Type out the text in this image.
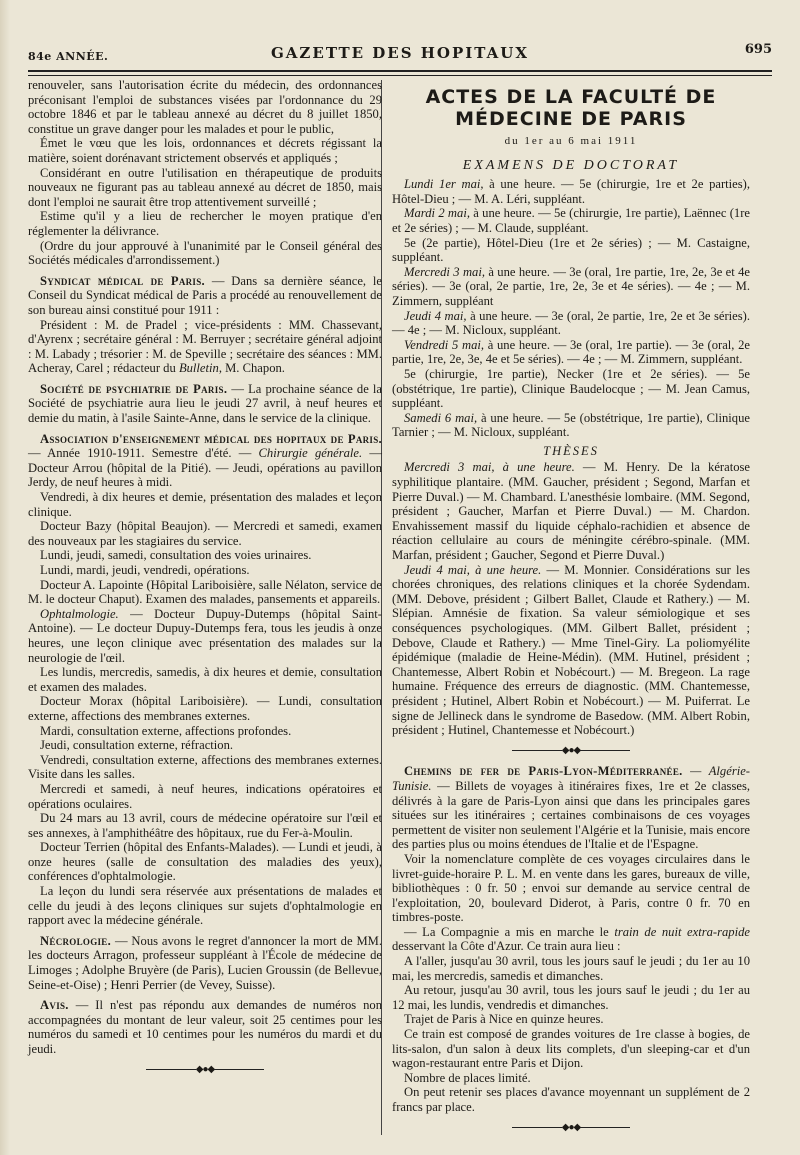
84e ANNÉE.	GAZETTE DES HOPITAUX	695

renouveler, sans l'autorisation écrite du médecin, des ordonnances préconisant l'emploi de substances visées par l'ordonnance du 29 octobre 1846 et par le tableau annexé au décret du 8 juillet 1850, constitue un grave danger pour les malades et pour le public,

Émet le vœu que les lois, ordonnances et décrets régissant la matière, soient dorénavant strictement observés et appliqués ;

Considérant en outre l'utilisation en thérapeutique de produits nouveaux ne figurant pas au tableau annexé au décret de 1850, mais dont l'emploi ne saurait être trop attentivement surveillé ;

Estime qu'il y a lieu de rechercher le moyen pratique d'en réglementer la délivrance.

(Ordre du jour approuvé à l'unanimité par le Conseil général des Sociétés médicales d'arrondissement.)

Syndicat médical de Paris. — Dans sa dernière séance, le Conseil du Syndicat médical de Paris a procédé au renouvellement de son bureau ainsi constitué pour 1911 :

Président : M. de Pradel ; vice-présidents : MM. Chassevant, d'Ayrenx ; secrétaire général : M. Berruyer ; secrétaire général adjoint : M. Labady ; trésorier : M. de Speville ; secrétaire des séances : MM. Acheray, Carel ; rédacteur du Bulletin, M. Chapon.

Société de psychiatrie de Paris. — La prochaine séance de la Société de psychiatrie aura lieu le jeudi 27 avril, à neuf heures et demie du matin, à l'asile Sainte-Anne, dans le service de la clinique.

Association d'enseignement médical des hopitaux de Paris. — Année 1910-1911. Semestre d'été. — Chirurgie générale. — Docteur Arrou (hôpital de la Pitié). — Jeudi, opérations au pavillon Jerdy, de neuf heures à midi.

Vendredi, à dix heures et demie, présentation des malades et leçon clinique.

Docteur Bazy (hôpital Beaujon). — Mercredi et samedi, examen des nouveaux par les stagiaires du service.

Lundi, jeudi, samedi, consultation des voies urinaires.

Lundi, mardi, jeudi, vendredi, opérations.

Docteur A. Lapointe (Hôpital Lariboisière, salle Nélaton, service de M. le docteur Chaput). Examen des malades, pansements et appareils.

Ophtalmologie. — Docteur Dupuy-Dutemps (hôpital Saint-Antoine). — Le docteur Dupuy-Dutemps fera, tous les jeudis à onze heures, une leçon clinique avec présentation des malades sur la neurologie de l'œil.

Les lundis, mercredis, samedis, à dix heures et demie, consultation et examen des malades.

Docteur Morax (hôpital Lariboisière). — Lundi, consultation externe, affections des membranes externes.

Mardi, consultation externe, affections profondes.

Jeudi, consultation externe, réfraction.

Vendredi, consultation externe, affections des membranes externes. Visite dans les salles.

Mercredi et samedi, à neuf heures, indications opératoires et opérations oculaires.

Du 24 mars au 13 avril, cours de médecine opératoire sur l'œil et ses annexes, à l'amphithéâtre des hôpitaux, rue du Fer-à-Moulin.

Docteur Terrien (hôpital des Enfants-Malades). — Lundi et jeudi, à onze heures (salle de consultation des maladies des yeux), conférences d'ophtalmologie.

La leçon du lundi sera réservée aux présentations de malades et celle du jeudi à des leçons cliniques sur sujets d'ophtalmologie en rapport avec la médecine générale.

Nécrologie. — Nous avons le regret d'annoncer la mort de MM. les docteurs Arragon, professeur suppléant à l'École de médecine de Limoges ; Adolphe Bruyère (de Paris), Lucien Groussin (de Bellevue, Seine-et-Oise) ; Henri Perrier (de Vevey, Suisse).

Avis. — Il n'est pas répondu aux demandes de numéros non accompagnées du montant de leur valeur, soit 25 centimes pour les numéros du samedi et 10 centimes pour les numéros du mardi et du jeudi.

◆●◆
ACTES DE LA FACULTÉ DE MÉDECINE DE PARIS
du 1er au 6 mai 1911
EXAMENS DE DOCTORAT

Lundi 1er mai, à une heure. — 5e (chirurgie, 1re et 2e parties), Hôtel-Dieu ; — M. A. Léri, suppléant.

Mardi 2 mai, à une heure. — 5e (chirurgie, 1re partie), Laënnec (1re et 2e séries) ; — M. Claude, suppléant.

5e (2e partie), Hôtel-Dieu (1re et 2e séries) ; — M. Castaigne, suppléant.

Mercredi 3 mai, à une heure. — 3e (oral, 1re partie, 1re, 2e, 3e et 4e séries). — 3e (oral, 2e partie, 1re, 2e, 3e et 4e séries). — 4e ; — M. Zimmern, suppléant

Jeudi 4 mai, à une heure. — 3e (oral, 2e partie, 1re, 2e et 3e séries). — 4e ; — M. Nicloux, suppléant.

Vendredi 5 mai, à une heure. — 3e (oral, 1re partie). — 3e (oral, 2e partie, 1re, 2e, 3e, 4e et 5e séries). — 4e ; — M. Zimmern, suppléant.

5e (chirurgie, 1re partie), Necker (1re et 2e séries). — 5e (obstétrique, 1re partie), Clinique Baudelocque ; — M. Jean Camus, suppléant.

Samedi 6 mai, à une heure. — 5e (obstétrique, 1re partie), Clinique Tarnier ; — M. Nicloux, suppléant.

THÈSES

Mercredi 3 mai, à une heure. — M. Henry. De la kératose syphilitique plantaire. (MM. Gaucher, président ; Segond, Marfan et Pierre Duval.) — M. Chambard. L'anesthésie lombaire. (MM. Segond, président ; Gaucher, Marfan et Pierre Duval.) — M. Chardon. Envahissement massif du liquide céphalo-rachidien et absence de réaction cellulaire au cours de méningite cérébro-spinale. (MM. Marfan, président ; Gaucher, Segond et Pierre Duval.)

Jeudi 4 mai, à une heure. — M. Monnier. Considérations sur les chorées chroniques, des relations cliniques et la chorée Sydendam. (MM. Debove, président ; Gilbert Ballet, Claude et Rathery.) — M. Slépian. Amnésie de fixation. Sa valeur sémiologique et ses conséquences psychologiques. (MM. Gilbert Ballet, président ; Debove, Claude et Rathery.) — Mme Tinel-Giry. La poliomyélite épidémique (maladie de Heine-Médin). (MM. Hutinel, président ; Chantemesse, Albert Robin et Nobécourt.) — M. Bregeon. La rage humaine. Fréquence des erreurs de diagnostic. (MM. Chantemesse, président ; Hutinel, Albert Robin et Nobécourt.) — M. Puiferrat. Le signe de Jellineck dans le syndrome de Basedow. (MM. Albert Robin, président ; Hutinel, Chantemesse et Nobécourt.)

◆●◆

Chemins de fer de Paris-Lyon-Méditerranée. — Algérie-Tunisie. — Billets de voyages à itinéraires fixes, 1re et 2e classes, délivrés à la gare de Paris-Lyon ainsi que dans les principales gares situées sur les itinéraires ; certaines combinaisons de ces voyages permettent de visiter non seulement l'Algérie et la Tunisie, mais encore des parties plus ou moins étendues de l'Italie et de l'Espagne.

Voir la nomenclature complète de ces voyages circulaires dans le livret-guide-horaire P. L. M. en vente dans les gares, bureaux de ville, bibliothèques : 0 fr. 50 ; envoi sur demande au service central de l'exploitation, 20, boulevard Diderot, à Paris, contre 0 fr. 70 en timbres-poste.

— La Compagnie a mis en marche le train de nuit extra-rapide desservant la Côte d'Azur. Ce train aura lieu :

A l'aller, jusqu'au 30 avril, tous les jours sauf le jeudi ; du 1er au 10 mai, les mercredis, samedis et dimanches.

Au retour, jusqu'au 30 avril, tous les jours sauf le jeudi ; du 1er au 12 mai, les lundis, vendredis et dimanches.

Trajet de Paris à Nice en quinze heures.

Ce train est composé de grandes voitures de 1re classe à bogies, de lits-salon, d'un salon à deux lits complets, d'un sleeping-car et d'un wagon-restaurant entre Paris et Dijon.

Nombre de places limité.

On peut retenir ses places d'avance moyennant un supplément de 2 francs par place.

◆●◆
